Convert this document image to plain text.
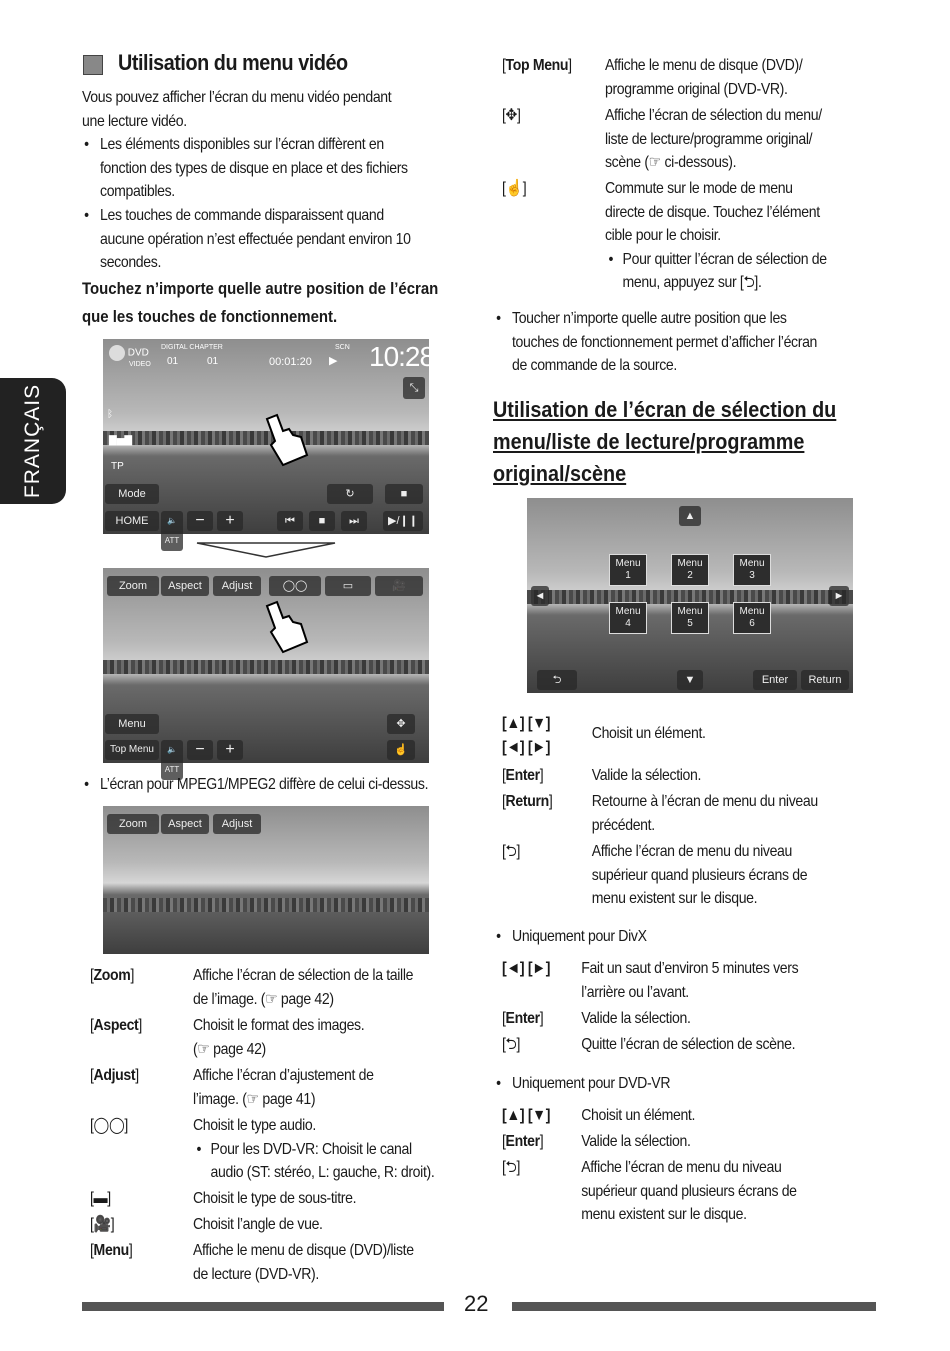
FRANÇAIS
Utilisation du menu vidéo
Vous pouvez afficher l’écran du menu vidéo pendant
une lecture vidéo.
• Les éléments disponibles sur l’écran diffèrent en
fonction des types de disque en place et des fichiers
compatibles.
• Les touches de commande disparaissent quand
aucune opération n’est effectuée pendant environ 10
secondes.
Touchez n’importe quelle autre position de l’écran
que les touches de fonctionnement.
DVD
VIDEO
DIGITAL CHAPTER
01	01	00:01:20 ▶
SCN 10:28
⤡
ᛒ
▇▅▇
TP
Mode
HOME	🔈ATT
−	+	⏮	■	⏭	▶/❙❙
↻	■
Zoom	Aspect	Adjust	◯◯	▭	🎥
Menu
Top Menu	🔈ATT
−	+
✥
☝
• L’écran pour MPEG1/MPEG2 diffère de celui ci-dessus.
Zoom	Aspect	Adjust
[Zoom]	Affiche l’écran de sélection de la taille
de l’image. (☞ page 42)
[Aspect]	Choisit le format des images.
(☞ page 42)
[Adjust]	Affiche l’écran d’ajustement de
l’image. (☞ page 41)
[◯◯]	Choisit le type audio.
• Pour les DVD-VR: Choisit le canal
audio (ST: stéréo, L: gauche, R: droit).
[▬]	Choisit le type de sous-titre.
[🎥]	Choisit l’angle de vue.
[Menu]	Affiche le menu de disque (DVD)/liste
de lecture (DVD-VR).
[Top Menu] Affiche le menu de disque (DVD)/
programme original (DVD-VR).
[✥]	Affiche l’écran de sélection du menu/
liste de lecture/programme original/
scène (☞ ci-dessous).
[☝]	Commute sur le mode de menu
directe de disque. Touchez l’élément
cible pour le choisir.
• Pour quitter l’écran de sélection de
menu, appuyez sur [⮌].
• Toucher n’importe quelle autre position que les
touches de fonctionnement permet d’afficher l’écran
de commande de la source.
Utilisation de l’écran de sélection du
menu/liste de lecture/programme
original/scène
▲
Menu
1
Menu
2
Menu
3
Menu
4
Menu
5
Menu
6
◄	►
⮌	▼	Enter	Return
[▲] [▼]
[◄] [►]
Choisit un élément.
[Enter]	Valide la sélection.
[Return] Retourne à l’écran de menu du niveau
précédent.
[⮌]	Affiche l’écran de menu du niveau
supérieur quand plusieurs écrans de
menu existent sur le disque.
• Uniquement pour DivX
[◄] [►] Fait un saut d’environ 5 minutes vers
l’arrière ou l’avant.
[Enter] Valide la sélection.
[⮌]	Quitte l’écran de sélection de scène.
• Uniquement pour DVD-VR
[▲] [▼] Choisit un élément.
[Enter] Valide la sélection.
[⮌]	Affiche l’écran de menu du niveau
supérieur quand plusieurs écrans de
menu existent sur le disque.
22
